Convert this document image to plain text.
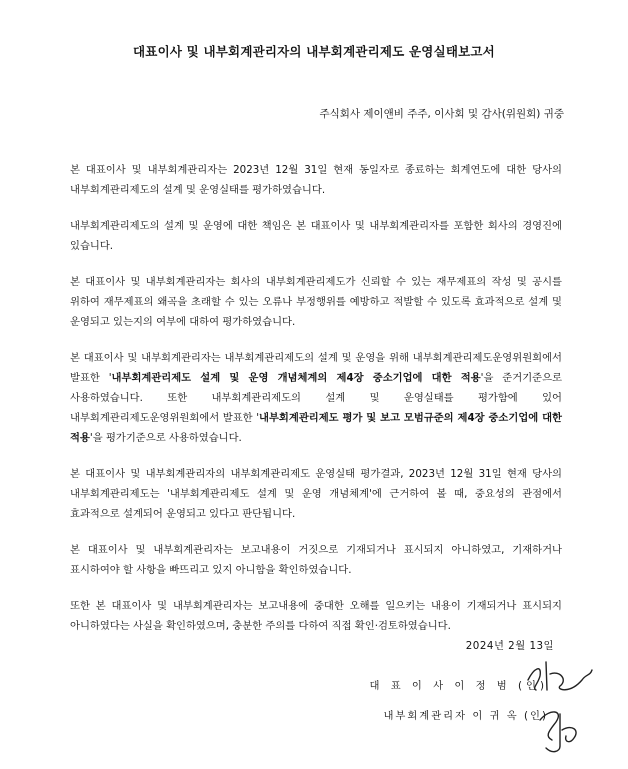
대표이사 및 내부회계관리자의 내부회계관리제도 운영실태보고서
주식회사 제이앤비 주주, 이사회 및 감사(위원회) 귀중

본 대표이사 및 내부회계관리자는 2023년 12월 31일 현재 동일자로 종료하는 회계연도에 대한 당사의 내부회계관리제도의 설계 및 운영실태를 평가하였습니다.

내부회계관리제도의 설계 및 운영에 대한 책임은 본 대표이사 및 내부회계관리자를 포함한 회사의 경영진에 있습니다.

본 대표이사 및 내부회계관리자는 회사의 내부회계관리제도가 신뢰할 수 있는 재무제표의 작성 및 공시를 위하여 재무제표의 왜곡을 초래할 수 있는 오류나 부정행위를 예방하고 적발할 수 있도록 효과적으로 설계 및 운영되고 있는지의 여부에 대하여 평가하였습니다.

본 대표이사 및 내부회계관리자는 내부회계관리제도의 설계 및 운영을 위해 내부회계관리제도운영위원회에서 발표한 '내부회계관리제도 설계 및 운영 개념체계의 제4장 중소기업에 대한 적용'을 준거기준으로 사용하였습니다. 또한 내부회계관리제도의 설계 및 운영실태를 평가함에 있어 내부회계관리제도운영위원회에서 발표한 '내부회계관리제도 평가 및 보고 모범규준의 제4장 중소기업에 대한 적용'을 평가기준으로 사용하였습니다.

본 대표이사 및 내부회계관리자의 내부회계관리제도 운영실태 평가결과, 2023년 12월 31일 현재 당사의 내부회계관리제도는 '내부회계관리제도 설계 및 운영 개념체계'에 근거하여 볼 때, 중요성의 관점에서 효과적으로 설계되어 운영되고 있다고 판단됩니다.

본 대표이사 및 내부회계관리자는 보고내용이 거짓으로 기재되거나 표시되지 아니하였고, 기재하거나 표시하여야 할 사항을 빠뜨리고 있지 아니함을 확인하였습니다.

또한 본 대표이사 및 내부회계관리자는 보고내용에 중대한 오해를 일으키는 내용이 기재되거나 표시되지 아니하였다는 사실을 확인하였으며, 충분한 주의를 다하여 직접 확인·검토하였습니다.

2024년 2월 13일
대 표 이 사 이 정 범 (인)
내부회계관리자 이 귀 옥 (인)
